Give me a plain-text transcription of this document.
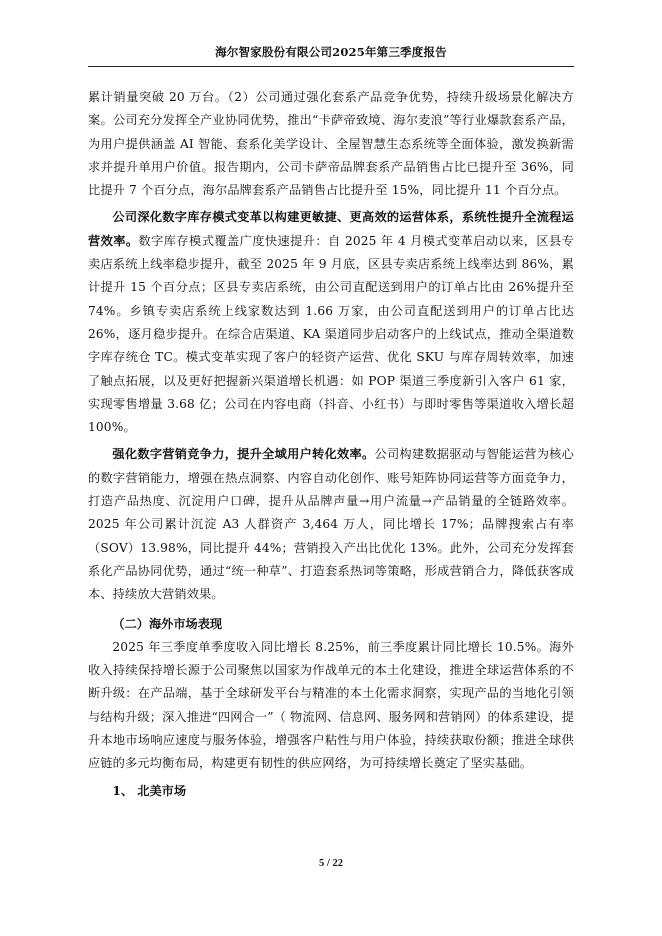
海尔智家股份有限公司2025年第三季度报告

累计销量突破 20 万台。（2）公司通过强化套系产品竞争优势，持续升级场景化解决方案。公司充分发挥全产业协同优势，推出“卡萨帝致境、海尔麦浪”等行业爆款套系产品，为用户提供涵盖 AI 智能、套系化美学设计、全屋智慧生态系统等全面体验，激发换新需求并提升单用户价值。报告期内，公司卡萨帝品牌套系产品销售占比已提升至 36%，同比提升 7 个百分点，海尔品牌套系产品销售占比提升至 15%，同比提升 11 个百分点。

公司深化数字库存模式变革以构建更敏捷、更高效的运营体系，系统性提升全流程运营效率。数字库存模式覆盖广度快速提升：自 2025 年 4 月模式变革启动以来，区县专卖店系统上线率稳步提升，截至 2025 年 9 月底，区县专卖店系统上线率达到 86%，累计提升 15 个百分点；区县专卖店系统，由公司直配送到用户的订单占比由 26%提升至 74%。乡镇专卖店系统上线家数达到 1.66 万家，由公司直配送到用户的订单占比达 26%，逐月稳步提升。在综合店渠道、KA 渠道同步启动客户的上线试点，推动全渠道数字库存统仓 TC。模式变革实现了客户的轻资产运营、优化 SKU 与库存周转效率，加速了触点拓展，以及更好把握新兴渠道增长机遇：如 POP 渠道三季度新引入客户 61 家，实现零售增量 3.68 亿；公司在内容电商（抖音、小红书）与即时零售等渠道收入增长超 100%。

强化数字营销竞争力，提升全域用户转化效率。公司构建数据驱动与智能运营为核心的数字营销能力，增强在热点洞察、内容自动化创作、账号矩阵协同运营等方面竞争力，打造产品热度、沉淀用户口碑，提升从品牌声量→用户流量→产品销量的全链路效率。2025 年公司累计沉淀 A3 人群资产 3,464 万人，同比增长 17%；品牌搜索占有率（SOV）13.98%，同比提升 44%；营销投入产出比优化 13%。此外，公司充分发挥套系化产品协同优势，通过“统一种草”、打造套系热词等策略，形成营销合力，降低获客成本、持续放大营销效果。

（二）海外市场表现

2025 年三季度单季度收入同比增长 8.25%，前三季度累计同比增长 10.5%。海外收入持续保持增长源于公司聚焦以国家为作战单元的本土化建设，推进全球运营体系的不断升级：在产品端，基于全球研发平台与精准的本土化需求洞察，实现产品的当地化引领与结构升级；深入推进“四网合一”（ 物流网、信息网、服务网和营销网）的体系建设，提升本地市场响应速度与服务体验，增强客户粘性与用户体验，持续获取份额；推进全球供应链的多元均衡布局，构建更有韧性的供应网络，为可持续增长奠定了坚实基础。

1、 北美市场

5 / 22
